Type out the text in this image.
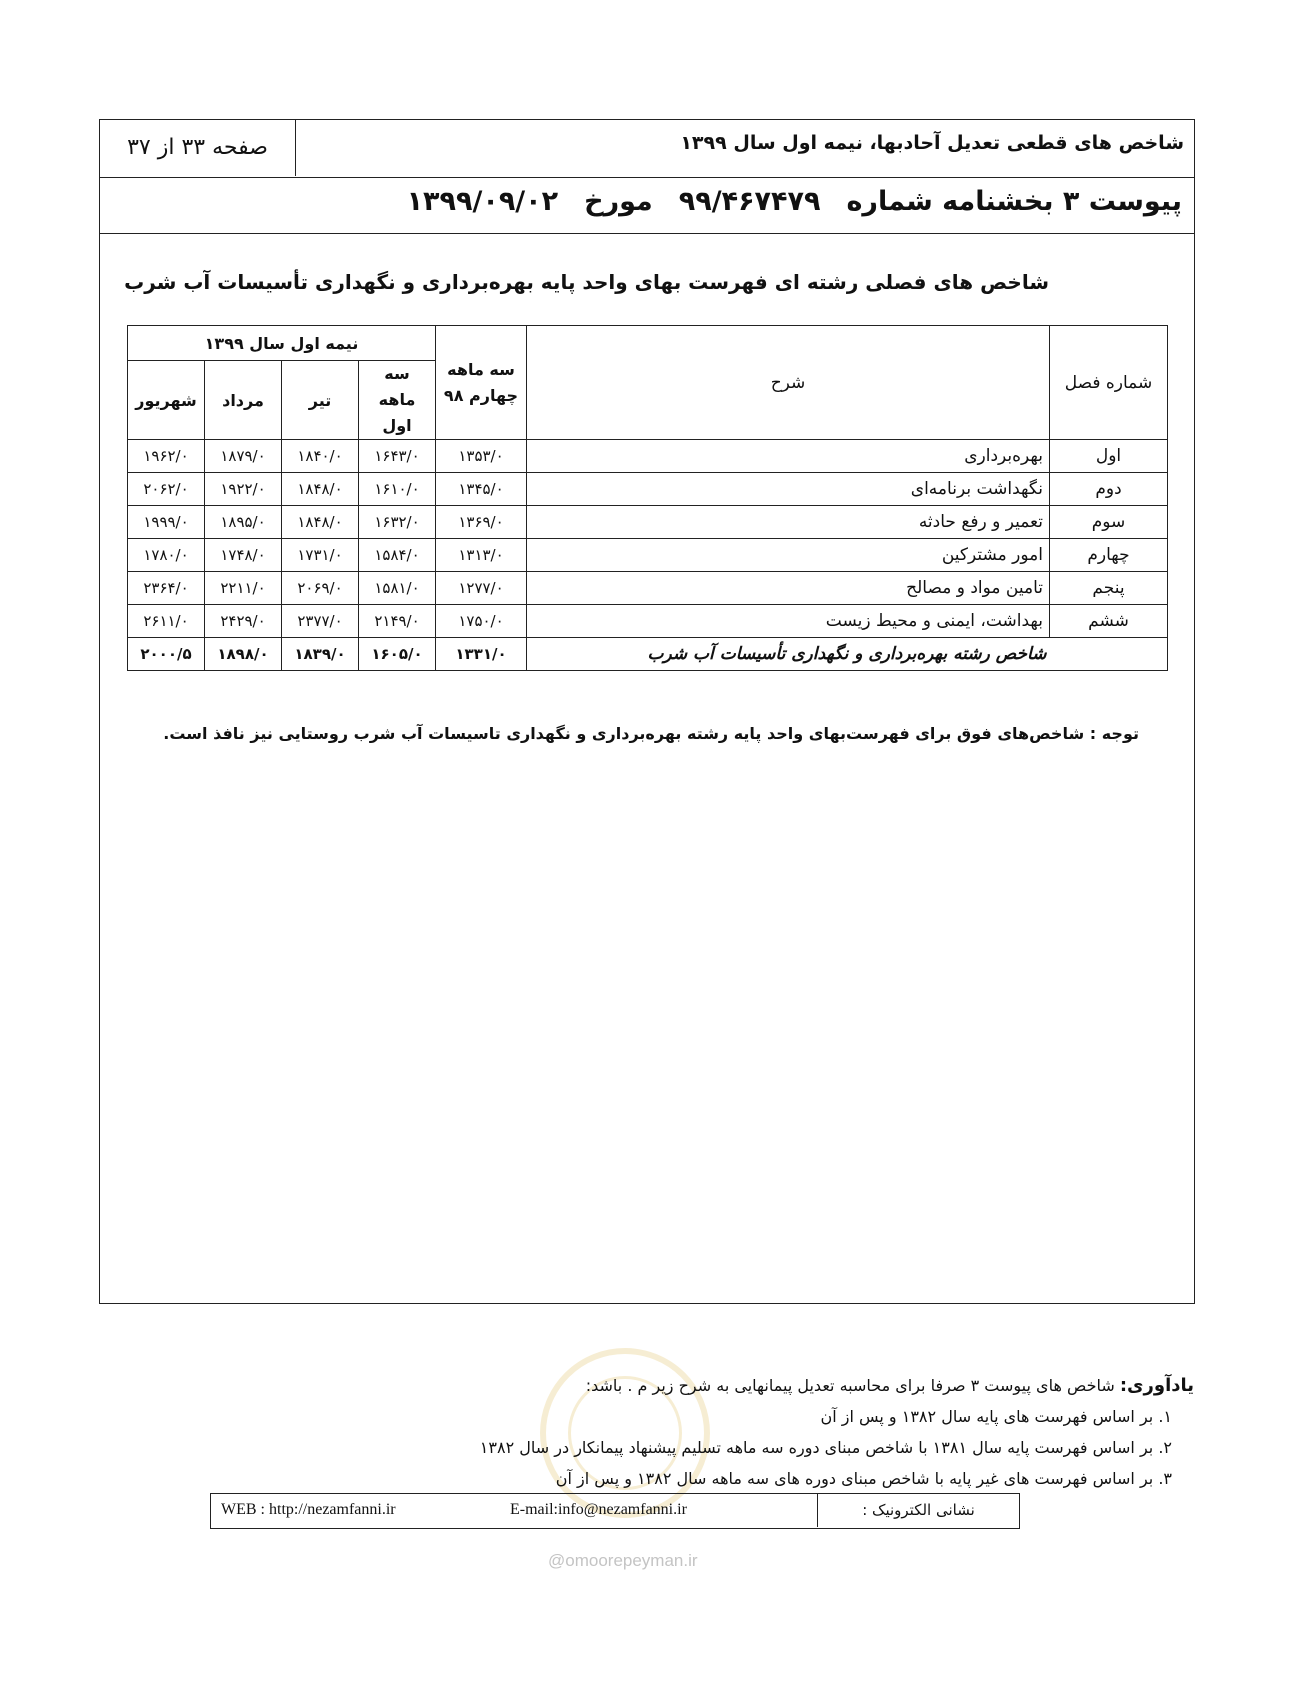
شاخص های قطعی تعدیل آحادبها، نیمه اول سال ۱۳۹۹
صفحه ۳۳ از ۳۷
پیوست ۳ بخشنامه شماره۹۹/۴۶۷۴۷۹مورخ۱۳۹۹/۰۹/۰۲
شاخص های فصلی رشته ای فهرست بهای واحد پایه بهره‌برداری و نگهداری تأسیسات آب شرب
شماره فصل	شرح	سه ماهه چهارم ۹۸	نیمه اول سال ۱۳۹۹			
			سه ماهه اول	تیر	مرداد	شهریور
اول	بهره‌برداری	۱۳۵۳/۰	۱۶۴۳/۰	۱۸۴۰/۰	۱۸۷۹/۰	۱۹۶۲/۰
دوم	نگهداشت برنامه‌ای	۱۳۴۵/۰	۱۶۱۰/۰	۱۸۴۸/۰	۱۹۲۲/۰	۲۰۶۲/۰
سوم	تعمیر و رفع حادثه	۱۳۶۹/۰	۱۶۳۲/۰	۱۸۴۸/۰	۱۸۹۵/۰	۱۹۹۹/۰
چهارم	امور مشترکین	۱۳۱۳/۰	۱۵۸۴/۰	۱۷۳۱/۰	۱۷۴۸/۰	۱۷۸۰/۰
پنجم	تامین مواد و مصالح	۱۲۷۷/۰	۱۵۸۱/۰	۲۰۶۹/۰	۲۲۱۱/۰	۲۳۶۴/۰
ششم	بهداشت، ایمنی و محیط زیست	۱۷۵۰/۰	۲۱۴۹/۰	۲۳۷۷/۰	۲۴۲۹/۰	۲۶۱۱/۰
شاخص رشته بهره‌برداری و نگهداری تأسیسات آب شرب		۱۳۳۱/۰	۱۶۰۵/۰	۱۸۳۹/۰	۱۸۹۸/۰	۲۰۰۰/۵
توجه : شاخص‌های فوق برای فهرست‌بهای واحد پایه رشته بهره‌برداری و نگهداری تاسیسات آب شرب روستایی نیز نافذ است.
یادآوری: شاخص های پیوست ۳ صرفا برای محاسبه تعدیل پیمانهایی به شرح زیر م . باشد:
۱. بر اساس فهرست های پایه سال ۱۳۸۲ و پس از آن
۲. بر اساس فهرست پایه سال ۱۳۸۱ با شاخص مبنای دوره سه ماهه تسلیم پیشنهاد پیمانکار در سال ۱۳۸۲
۳. بر اساس فهرست های غیر پایه با شاخص مبنای دوره های سه ماهه سال ۱۳۸۲ و پس از آن
نشانی الکترونیک :
E-mail:info@nezamfanni.ir
WEB : http://nezamfanni.ir
@omoorepeyman.ir
